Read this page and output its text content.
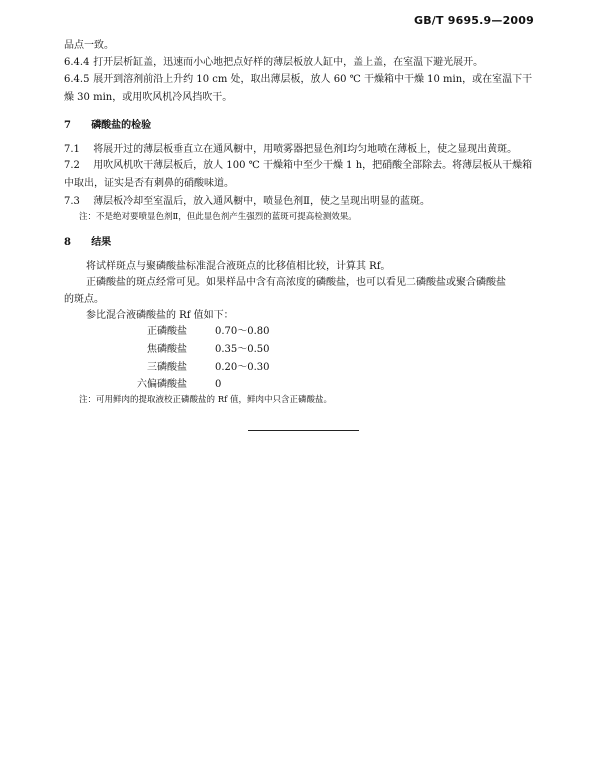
GB/T 9695.9—2009
品点一致。
6.4.4 打开层析缸盖，迅速而小心地把点好样的薄层板放人缸中，盖上盖，在室温下避光展开。
6.4.5 展开到溶剂前沿上升约 10 cm 处，取出薄层板，放人 60 ℃ 干燥箱中干燥 10 min，或在室温下干
燥 30 min，或用吹风机冷风挡吹干。
7 磷酸盐的检验
7.1 将展开过的薄层板垂直立在通风橱中，用喷雾器把显色剂Ⅰ均匀地喷在薄板上，使之显现出黄斑。
7.2 用吹风机吹干薄层板后，放人 100 ℃ 干燥箱中至少干燥 1 h，把硝酸全部除去。将薄层板从干燥箱
中取出，证实是否有刺鼻的硝酸味道。
7.3 薄层板冷却至室温后，放入通风橱中，喷显色剂Ⅱ，使之呈现出明显的蓝斑。
注：不是绝对要喷显色剂Ⅱ，但此显色剂产生强烈的蓝斑可提高检测效果。
8 结果
将试样斑点与聚磷酸盐标准混合液斑点的比移值相比较，计算其 Rf。
正磷酸盐的斑点经常可见。如果样品中含有高浓度的磷酸盐，也可以看见二磷酸盐或聚合磷酸盐
的斑点。
参比混合液磷酸盐的 Rf 值如下：
正磷酸盐	0.70～0.80
焦磷酸盐	0.35～0.50
三磷酸盐	0.20～0.30
六偏磷酸盐	0
注：可用鲜肉的提取液校正磷酸盐的 Rf 值，鲜肉中只含正磷酸盐。
